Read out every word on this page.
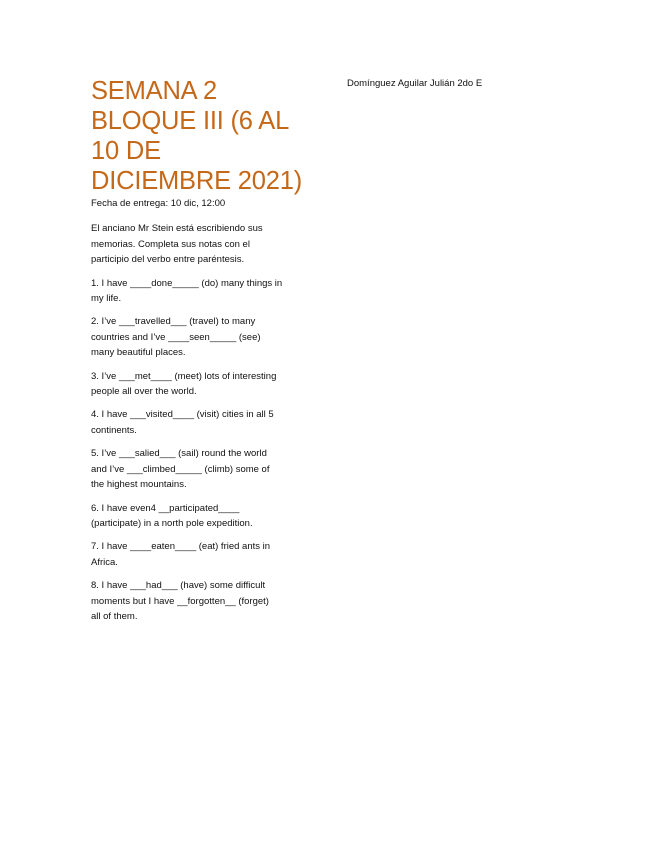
SEMANA 2
BLOQUE III (6 AL
10 DE
DICIEMBRE 2021)
Domínguez Aguilar Julián 2do E

Fecha de entrega: 10 dic, 12:00

El anciano Mr Stein está escribiendo sus
memorias. Completa sus notas con el
participio del verbo entre paréntesis.

1. I have ____done_____ (do) many things in
my life.

2. I’ve ___travelled___ (travel) to many
countries and I’ve ____seen_____ (see)
many beautiful places.

3. I’ve ___met____ (meet) lots of interesting
people all over the world.

4. I have ___visited____ (visit) cities in all 5
continents.

5. I’ve ___salied___ (sail) round the world
and I’ve ___climbed_____ (climb) some of
the highest mountains.

6. I have even4 __participated____
(participate) in a north pole expedition.

7. I have ____eaten____ (eat) fried ants in
Africa.

8. I have ___had___ (have) some difficult
moments but I have __forgotten__ (forget)
all of them.
